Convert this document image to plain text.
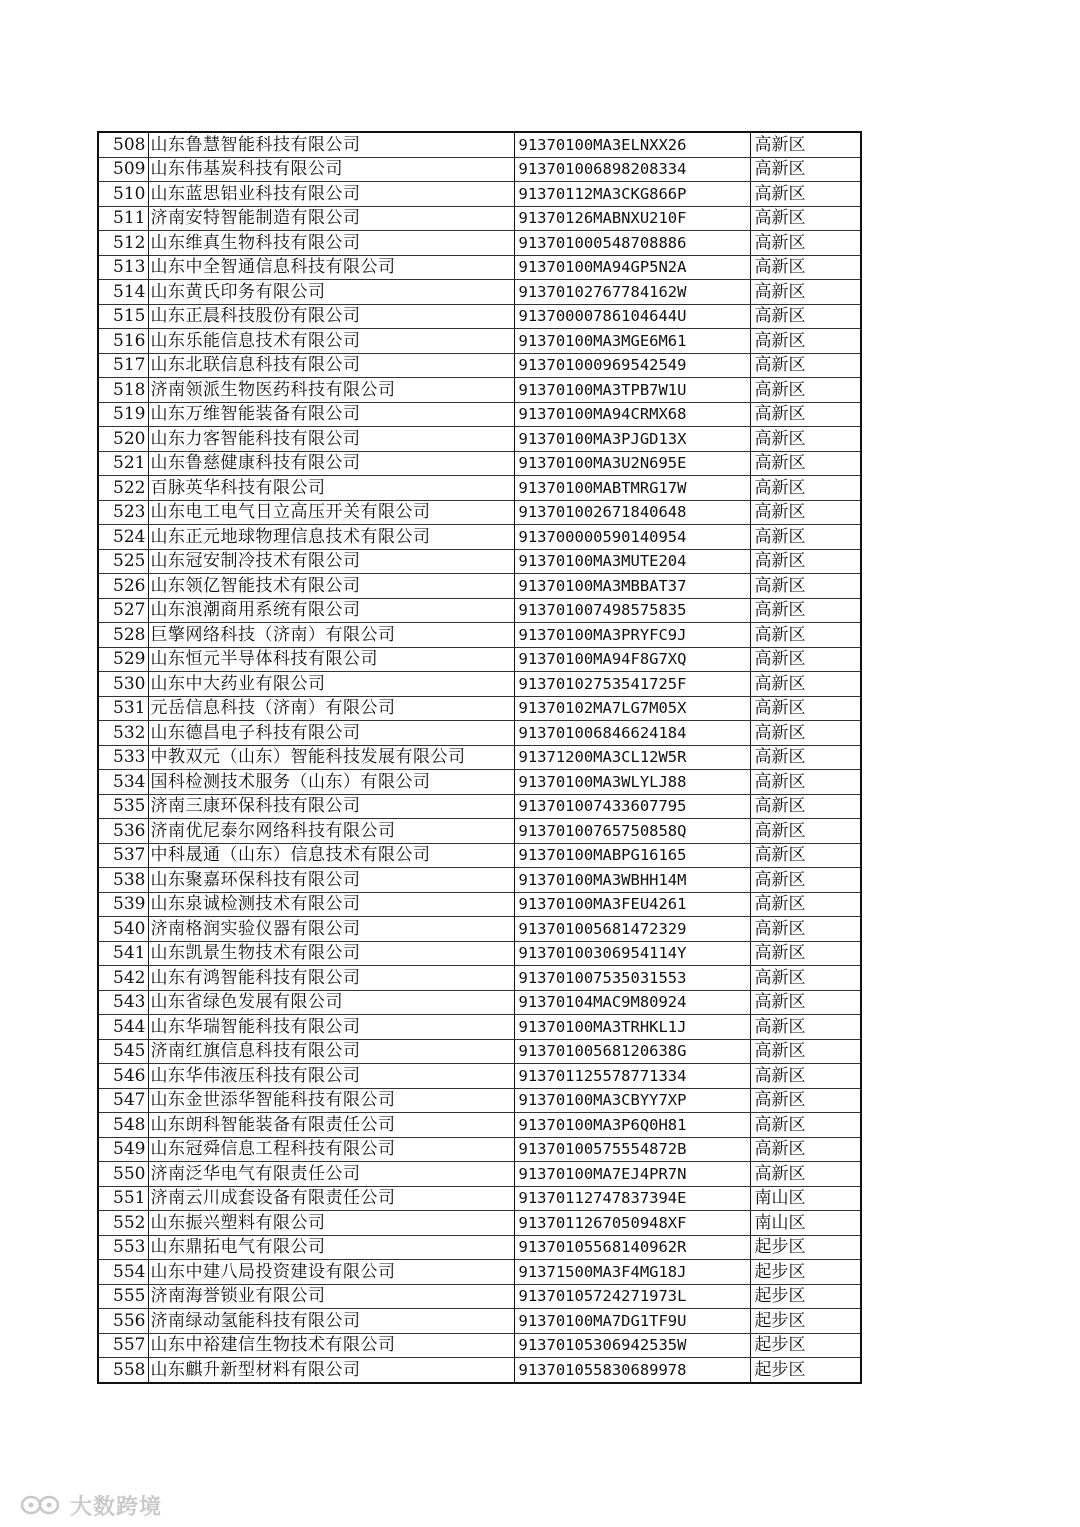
508	山东鲁慧智能科技有限公司	91370100MA3ELNXX26	高新区
509	山东伟基炭科技有限公司	913701006898208334	高新区
510	山东蓝思铝业科技有限公司	91370112MA3CKG866P	高新区
511	济南安特智能制造有限公司	91370126MABNXU210F	高新区
512	山东维真生物科技有限公司	913701000548708886	高新区
513	山东中全智通信息科技有限公司	91370100MA94GP5N2A	高新区
514	山东黄氏印务有限公司	91370102767784162W	高新区
515	山东正晨科技股份有限公司	91370000786104644U	高新区
516	山东乐能信息技术有限公司	91370100MA3MGE6M61	高新区
517	山东北联信息科技有限公司	913701000969542549	高新区
518	济南领派生物医药科技有限公司	91370100MA3TPB7W1U	高新区
519	山东万维智能装备有限公司	91370100MA94CRMX68	高新区
520	山东力客智能科技有限公司	91370100MA3PJGD13X	高新区
521	山东鲁慈健康科技有限公司	91370100MA3U2N695E	高新区
522	百脉英华科技有限公司	91370100MABTMRG17W	高新区
523	山东电工电气日立高压开关有限公司	913701002671840648	高新区
524	山东正元地球物理信息技术有限公司	913700000590140954	高新区
525	山东冠安制冷技术有限公司	91370100MA3MUTE204	高新区
526	山东领亿智能技术有限公司	91370100MA3MBBAT37	高新区
527	山东浪潮商用系统有限公司	913701007498575835	高新区
528	巨擎网络科技（济南）有限公司	91370100MA3PRYFC9J	高新区
529	山东恒元半导体科技有限公司	91370100MA94F8G7XQ	高新区
530	山东中大药业有限公司	91370102753541725F	高新区
531	元岳信息科技（济南）有限公司	91370102MA7LG7M05X	高新区
532	山东德昌电子科技有限公司	913701006846624184	高新区
533	中教双元（山东）智能科技发展有限公司	91371200MA3CL12W5R	高新区
534	国科检测技术服务（山东）有限公司	91370100MA3WLYLJ88	高新区
535	济南三康环保科技有限公司	913701007433607795	高新区
536	济南优尼泰尔网络科技有限公司	91370100765750858Q	高新区
537	中科晟通（山东）信息技术有限公司	91370100MABPG16165	高新区
538	山东聚嘉环保科技有限公司	91370100MA3WBHH14M	高新区
539	山东泉诚检测技术有限公司	91370100MA3FEU4261	高新区
540	济南格润实验仪器有限公司	913701005681472329	高新区
541	山东凯景生物技术有限公司	91370100306954114Y	高新区
542	山东有鸿智能科技有限公司	913701007535031553	高新区
543	山东省绿色发展有限公司	91370104MAC9M80924	高新区
544	山东华瑞智能科技有限公司	91370100MA3TRHKL1J	高新区
545	济南红旗信息科技有限公司	91370100568120638G	高新区
546	山东华伟液压科技有限公司	913701125578771334	高新区
547	山东金世添华智能科技有限公司	91370100MA3CBYY7XP	高新区
548	山东朗科智能装备有限责任公司	91370100MA3P6Q0H81	高新区
549	山东冠舜信息工程科技有限公司	91370100575554872B	高新区
550	济南泛华电气有限责任公司	91370100MA7EJ4PR7N	高新区
551	济南云川成套设备有限责任公司	91370112747837394E	南山区
552	山东振兴塑料有限公司	9137011267050948XF	南山区
553	山东鼎拓电气有限公司	91370105568140962R	起步区
554	山东中建八局投资建设有限公司	91371500MA3F4MG18J	起步区
555	济南海誉锁业有限公司	91370105724271973L	起步区
556	济南绿动氢能科技有限公司	91370100MA7DG1TF9U	起步区
557	山东中裕建信生物技术有限公司	91370105306942535W	起步区
558	山东麒升新型材料有限公司	913701055830689978	起步区
大数跨境
